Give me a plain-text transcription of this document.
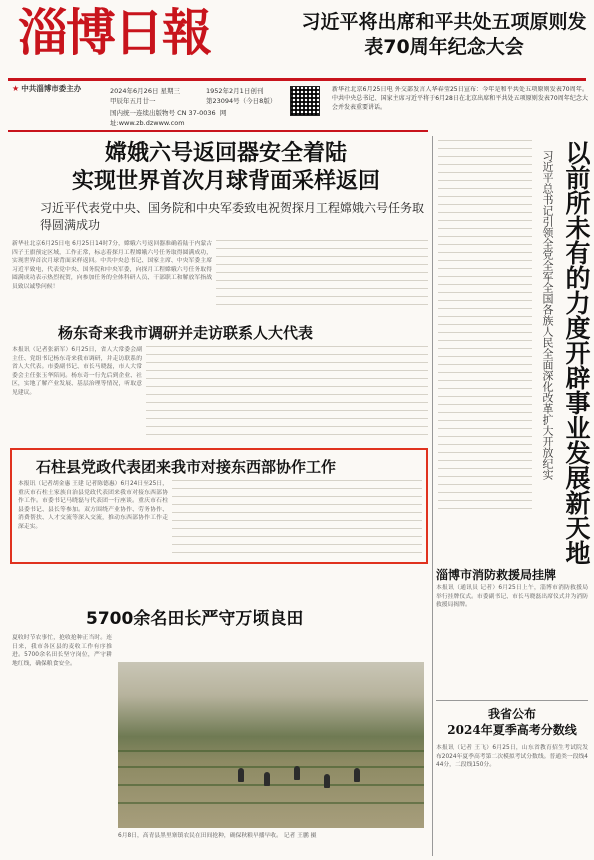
淄博日報	习近平将出席和平共处五项原则发表70周年纪念大会
★ 中共淄博市委主办	2024年6月26日 星期三
甲辰年五月廿一
1952年2月1日创刊
第23094号（今日8版）
国内统一连续出版物号 CN 37-0036 网址:www.zb.dzwww.com
新华社北京6月25日电 外交部发言人华春莹25日宣布：今年是和平共处五项原则发表70周年。中共中央总书记、国家主席习近平将于6月28日在北京出席和平共处五项原则发表70周年纪念大会并发表重要讲话。
嫦娥六号返回器安全着陆
实现世界首次月球背面采样返回
习近平代表党中央、国务院和中央军委致电祝贺探月工程嫦娥六号任务取得圆满成功
新华社北京6月25日电 6月25日14时7分，嫦娥六号返回器准确着陆于内蒙古四子王旗预定区域，工作正常，标志着探月工程嫦娥六号任务取得圆满成功，实现世界首次月球背面采样返回。中共中央总书记、国家主席、中央军委主席习近平致电，代表党中央、国务院和中央军委，向探月工程嫦娥六号任务取得圆满成功表示热烈祝贺，向参加任务的全体科研人员、干部职工和解放军指战员致以诚挚问候！
杨东奇来我市调研并走访联系人大代表
本报讯（记者张新军）6月25日，省人大常委会副主任、党组书记杨东奇来我市调研，并走访联系的省人大代表。市委副书记、市长马晓磊，市人大常委会主任张玉华陪同。杨东奇一行先后到企业、社区，实地了解产业发展、基层治理等情况，听取意见建议。
石柱县党政代表团来我市对接东西部协作工作
本报讯（记者胡金惠 王建 记者陈德惠）6月24日至25日，重庆市石柱土家族自治县党政代表团来我市对接东西部协作工作。市委书记马晓磊与代表团一行座谈。重庆市石柱县委书记、县长等参加。双方围绕产业协作、劳务协作、消费帮扶、人才交流等深入交流，推动东西部协作工作走深走实。
5700余名田长严守万顷良田
夏收时节农事忙，抢收抢种正当时。连日来，我市各区县的麦收工作有序推进。5700余名田长坚守岗位，严守耕地红线，确保粮食安全。
6月8日，高青县黑里寨镇农民在田间抢种，确保秋粮早播早收。 记者 王鹏 摄
以前所未有的力度开辟事业发展新天地
习近平总书记引领全党全军全国各族人民全面深化改革扩大开放纪实
淄博市消防救援局挂牌
本报讯（通讯员 记者）6月25日上午，淄博市消防救援局举行挂牌仪式。市委副书记、市长马晓磊出席仪式并为消防救援局揭牌。
我省公布
2024年夏季高考分数线
本报讯（记者 王飞）6月25日，山东省教育招生考试院发布2024年夏季高考第二次模拟考试分数线。普通类一段线444分，二段线150分。
